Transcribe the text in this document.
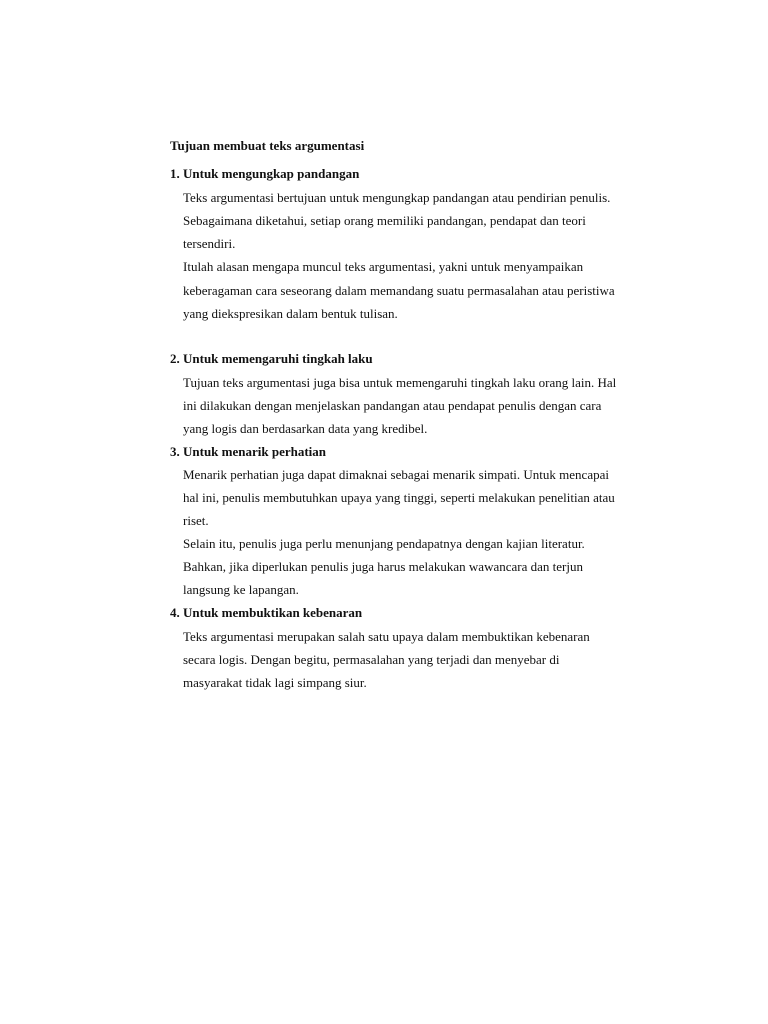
Tujuan membuat teks argumentasi
1. Untuk mengungkap pandangan
Teks argumentasi bertujuan untuk mengungkap pandangan atau pendirian penulis.
Sebagaimana diketahui, setiap orang memiliki pandangan, pendapat dan teori
tersendiri.
Itulah alasan mengapa muncul teks argumentasi, yakni untuk menyampaikan
keberagaman cara seseorang dalam memandang suatu permasalahan atau peristiwa
yang diekspresikan dalam bentuk tulisan.
2. Untuk memengaruhi tingkah laku
Tujuan teks argumentasi juga bisa untuk memengaruhi tingkah laku orang lain. Hal
ini dilakukan dengan menjelaskan pandangan atau pendapat penulis dengan cara
yang logis dan berdasarkan data yang kredibel.
3. Untuk menarik perhatian
Menarik perhatian juga dapat dimaknai sebagai menarik simpati. Untuk mencapai
hal ini, penulis membutuhkan upaya yang tinggi, seperti melakukan penelitian atau
riset.
Selain itu, penulis juga perlu menunjang pendapatnya dengan kajian literatur.
Bahkan, jika diperlukan penulis juga harus melakukan wawancara dan terjun
langsung ke lapangan.
4. Untuk membuktikan kebenaran
Teks argumentasi merupakan salah satu upaya dalam membuktikan kebenaran
secara logis. Dengan begitu, permasalahan yang terjadi dan menyebar di
masyarakat tidak lagi simpang siur.
